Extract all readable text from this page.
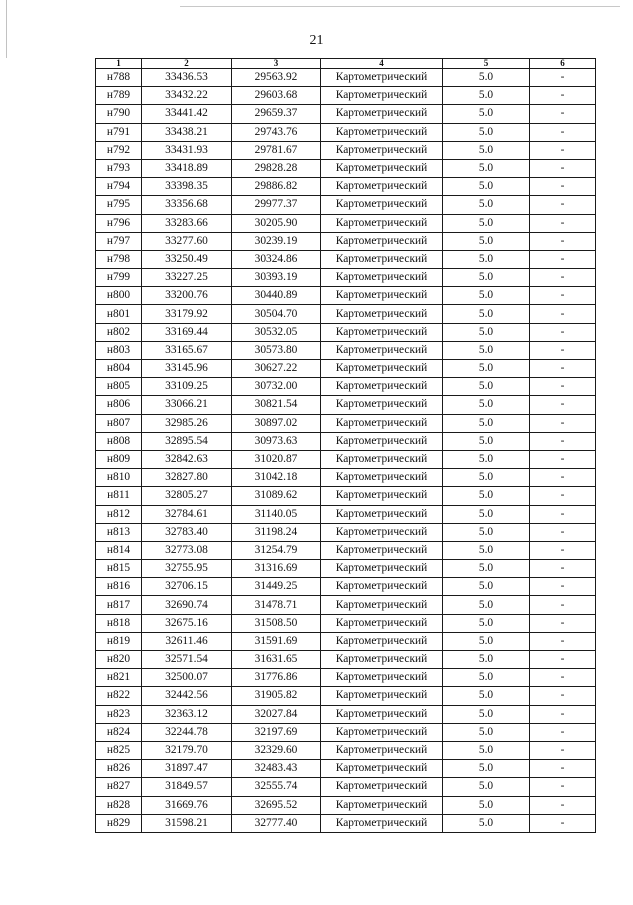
21
1	2	3	4	5	6
н788	33436.53	29563.92	Картометрический	5.0	-
н789	33432.22	29603.68	Картометрический	5.0	-
н790	33441.42	29659.37	Картометрический	5.0	-
н791	33438.21	29743.76	Картометрический	5.0	-
н792	33431.93	29781.67	Картометрический	5.0	-
н793	33418.89	29828.28	Картометрический	5.0	-
н794	33398.35	29886.82	Картометрический	5.0	-
н795	33356.68	29977.37	Картометрический	5.0	-
н796	33283.66	30205.90	Картометрический	5.0	-
н797	33277.60	30239.19	Картометрический	5.0	-
н798	33250.49	30324.86	Картометрический	5.0	-
н799	33227.25	30393.19	Картометрический	5.0	-
н800	33200.76	30440.89	Картометрический	5.0	-
н801	33179.92	30504.70	Картометрический	5.0	-
н802	33169.44	30532.05	Картометрический	5.0	-
н803	33165.67	30573.80	Картометрический	5.0	-
н804	33145.96	30627.22	Картометрический	5.0	-
н805	33109.25	30732.00	Картометрический	5.0	-
н806	33066.21	30821.54	Картометрический	5.0	-
н807	32985.26	30897.02	Картометрический	5.0	-
н808	32895.54	30973.63	Картометрический	5.0	-
н809	32842.63	31020.87	Картометрический	5.0	-
н810	32827.80	31042.18	Картометрический	5.0	-
н811	32805.27	31089.62	Картометрический	5.0	-
н812	32784.61	31140.05	Картометрический	5.0	-
н813	32783.40	31198.24	Картометрический	5.0	-
н814	32773.08	31254.79	Картометрический	5.0	-
н815	32755.95	31316.69	Картометрический	5.0	-
н816	32706.15	31449.25	Картометрический	5.0	-
н817	32690.74	31478.71	Картометрический	5.0	-
н818	32675.16	31508.50	Картометрический	5.0	-
н819	32611.46	31591.69	Картометрический	5.0	-
н820	32571.54	31631.65	Картометрический	5.0	-
н821	32500.07	31776.86	Картометрический	5.0	-
н822	32442.56	31905.82	Картометрический	5.0	-
н823	32363.12	32027.84	Картометрический	5.0	-
н824	32244.78	32197.69	Картометрический	5.0	-
н825	32179.70	32329.60	Картометрический	5.0	-
н826	31897.47	32483.43	Картометрический	5.0	-
н827	31849.57	32555.74	Картометрический	5.0	-
н828	31669.76	32695.52	Картометрический	5.0	-
н829	31598.21	32777.40	Картометрический	5.0	-
